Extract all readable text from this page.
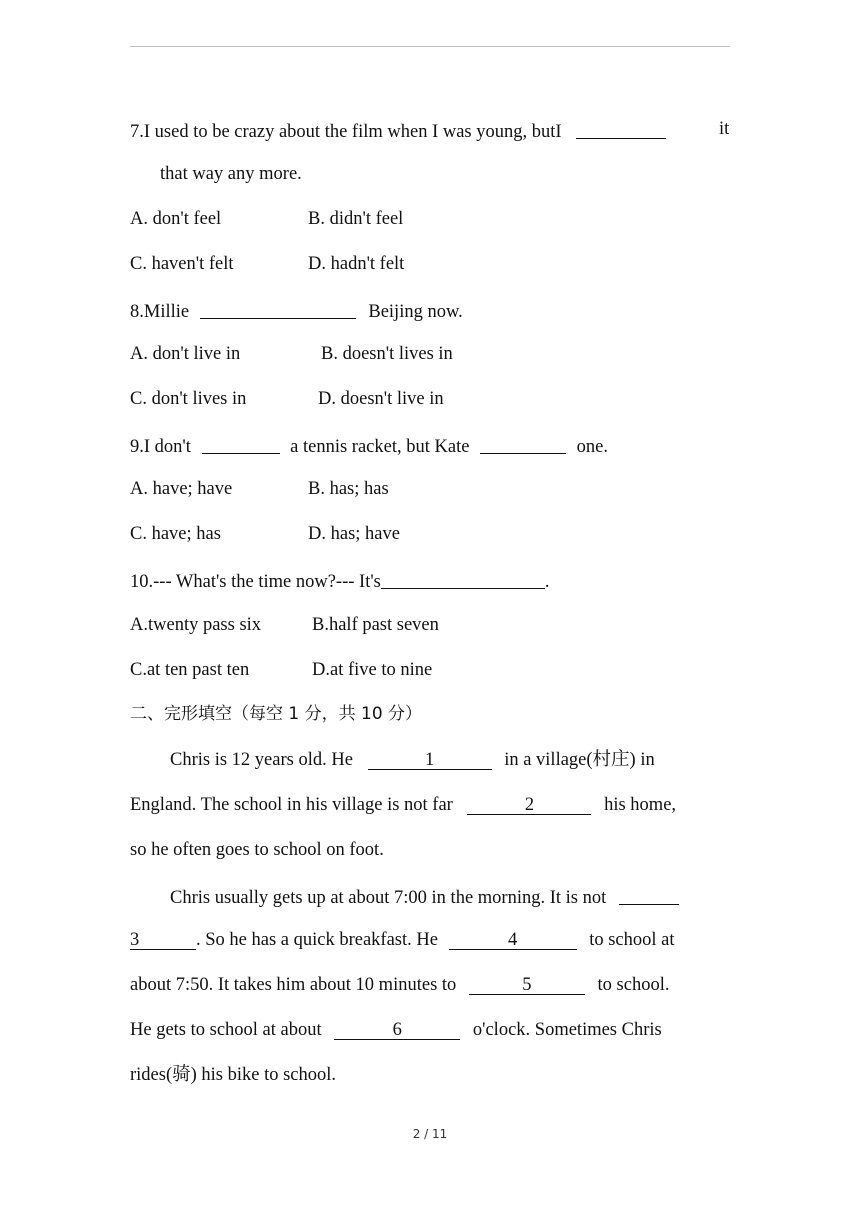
7.I used to be crazy about the film when I was young, butI	it
that way any more.
A. don't feel	B. didn't feel
C. haven't felt	D. hadn't felt
8.Millie	Beijing now.
A. don't live in	B. doesn't lives in
C. don't lives in	D. doesn't live in
9.I don't	a tennis racket, but Kate	one.
A. have; have	B. has; has
C. have; has	D. has; have
10.--- What's the time now?--- It's	.
A.twenty pass six	B.half past seven
C.at ten past ten	D.at five to nine
二、完形填空（每空 1 分，共 10 分）
Chris is 12 years old. He	1	in a village(村庄) in
England. The school in his village is not far	2	his home,
so he often goes to school on foot.
Chris usually gets up at about 7:00 in the morning. It is not
3	. So he has a quick breakfast. He	4	to school at
about 7:50. It takes him about 10 minutes to	5	to school.
He gets to school at about	6	o'clock. Sometimes Chris
rides(骑) his bike to school.
2 / 11
